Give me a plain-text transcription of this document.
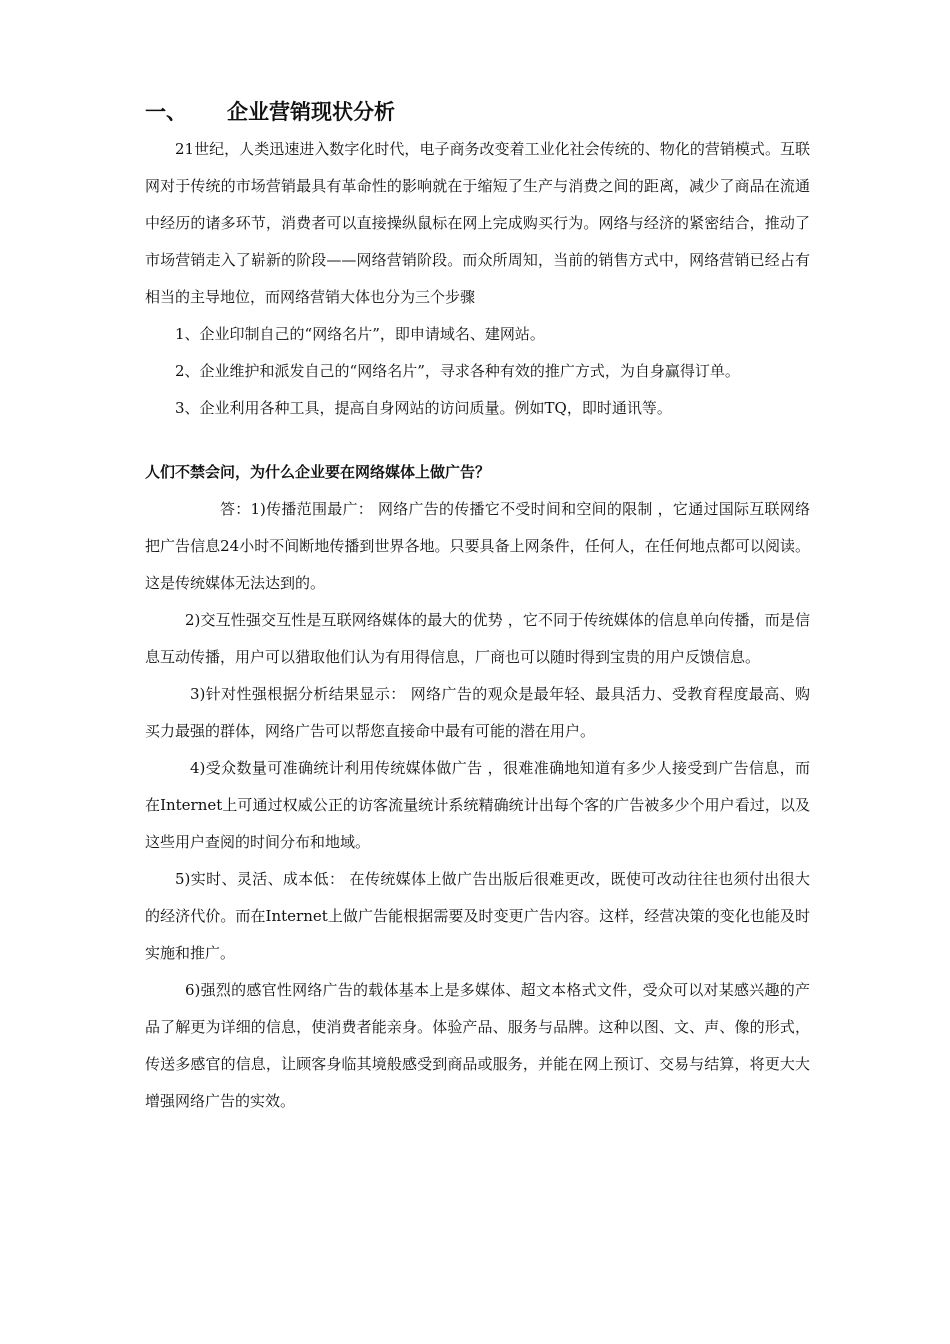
一、 企业营销现状分析

21世纪，人类迅速进入数字化时代，电子商务改变着工业化社会传统的、物化的营销模式。互联网对于传统的市场营销最具有革命性的影响就在于缩短了生产与消费之间的距离，减少了商品在流通中经历的诸多环节，消费者可以直接操纵鼠标在网上完成购买行为。网络与经济的紧密结合，推动了市场营销走入了崭新的阶段——网络营销阶段。而众所周知，当前的销售方式中，网络营销已经占有相当的主导地位，而网络营销大体也分为三个步骤

1、企业印制自己的“网络名片”，即申请域名、建网站。

2、企业维护和派发自己的“网络名片”，寻求各种有效的推广方式，为自身赢得订单。

3、企业利用各种工具，提高自身网站的访问质量。例如TQ，即时通讯等。

人们不禁会问，为什么企业要在网络媒体上做广告？

答：1)传播范围最广： 网络广告的传播它不受时间和空间的限制 ，它通过国际互联网络把广告信息24小时不间断地传播到世界各地。只要具备上网条件，任何人，在任何地点都可以阅读。这是传统媒体无法达到的。

2)交互性强交互性是互联网络媒体的最大的优势 ，它不同于传统媒体的信息单向传播，而是信息互动传播，用户可以猎取他们认为有用得信息，厂商也可以随时得到宝贵的用户反馈信息。

3)针对性强根据分析结果显示： 网络广告的观众是最年轻、最具活力、受教育程度最高、购买力最强的群体，网络广告可以帮您直接命中最有可能的潜在用户。

4)受众数量可准确统计利用传统媒体做广告 ，很难准确地知道有多少人接受到广告信息，而在Internet上可通过权威公正的访客流量统计系统精确统计出每个客的广告被多少个用户看过，以及这些用户查阅的时间分布和地域。

5)实时、灵活、成本低： 在传统媒体上做广告出版后很难更改，既使可改动往往也须付出很大的经济代价。而在Internet上做广告能根据需要及时变更广告内容。这样，经营决策的变化也能及时实施和推广。

6)强烈的感官性网络广告的载体基本上是多媒体、超文本格式文件，受众可以对某感兴趣的产品了解更为详细的信息，使消费者能亲身。体验产品、服务与品牌。这种以图、文、声、像的形式，传送多感官的信息，让顾客身临其境般感受到商品或服务，并能在网上预订、交易与结算，将更大大增强网络广告的实效。
